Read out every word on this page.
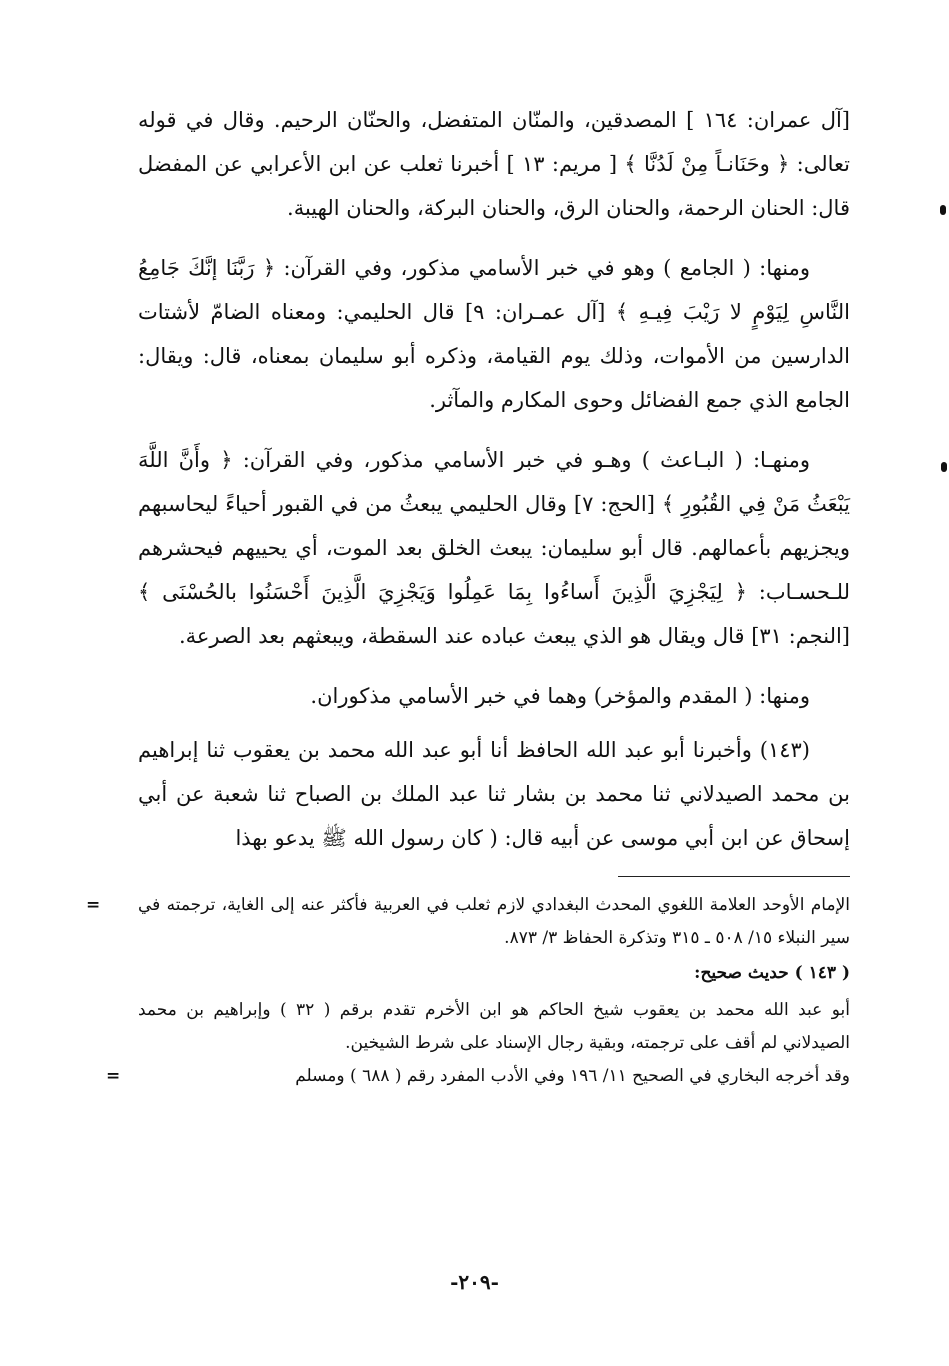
[آل عمران: ١٦٤ ] المصدقين، والمنّان المتفضل، والحنّان الرحيم. وقال في قوله تعالى: ﴿ وحَنَانـاً مِنْ لَدُنَّا ﴾ [ مريم: ١٣ ] أخبرنا ثعلب عن ابن الأعرابي عن المفضل قال: الحنان الرحمة، والحنان الرق، والحنان البركة، والحنان الهيبة.

ومنها: ( الجامع ) وهو في خبر الأسامي مذكور، وفي القرآن: ﴿ رَبَّنَا إنَّكَ جَامِعُ النَّاسِ لِيَوْمٍ لا رَيْبَ فِيـهِ ﴾ [آل عمـران: ٩] قال الحليمي: ومعناه الضامّ لأشتات الدارسين من الأموات، وذلك يوم القيامة، وذكره أبو سليمان بمعناه، قال: ويقال: الجامع الذي جمع الفضائل وحوى المكارم والمآثر.

ومنهـا: ( البـاعث ) وهـو في خبر الأسامي مذكور، وفي القرآن: ﴿ وأَنَّ اللَّهَ يَبْعَثُ مَنْ فِي القُبُورِ ﴾ [الحج: ٧] وقال الحليمي يبعثُ من في القبور أحياءً ليحاسبهم ويجزيهم بأعمالهم. قال أبو سليمان: يبعث الخلق بعد الموت، أي يحييهم فيحشرهم للـحسـاب: ﴿ لِيَجْزِيَ الَّذِينَ أَساءُوا بِمَا عَمِلُوا وَيَجْزِيَ الَّذِينَ أَحْسَنُوا بالحُسْنَى ﴾ [النجم: ٣١] قال ويقال هو الذي يبعث عباده عند السقطة، ويبعثهم بعد الصرعة.

ومنها: ( المقدم والمؤخر) وهما في خبر الأسامي مذكوران.

(١٤٣) وأخبرنا أبو عبد الله الحافظ أنا أبو عبد الله محمد بن يعقوب ثنا إبراهيم بن محمد الصيدلاني ثنا محمد بن بشار ثنا عبد الملك بن الصباح ثنا شعبة عن أبي إسحاق عن ابن أبي موسى عن أبيه قال: ( كان رسول الله ﷺ يدعو بهذا

الإمام الأوحد العلامة اللغوي المحدث البغدادي لازم ثعلب في العربية فأكثر عنه إلى الغاية، ترجمته في سير النبلاء ١٥/ ٥٠٨ ـ ٣١٥ وتذكرة الحفاظ ٣/ ٨٧٣.
=

( ١٤٣ ) حديث صحيح:

أبو عبد الله محمد بن يعقوب شيخ الحاكم هو ابن الأخرم تقدم برقم ( ٣٢ ) وإبراهيم بن محمد الصيدلاني لم أقف على ترجمته، وبقية رجال الإسناد على شرط الشيخين.

وقد أخرجه البخاري في الصحيح ١١/ ١٩٦ وفي الأدب المفرد رقم ( ٦٨٨ ) ومسلم
=

-٢٠٩-
